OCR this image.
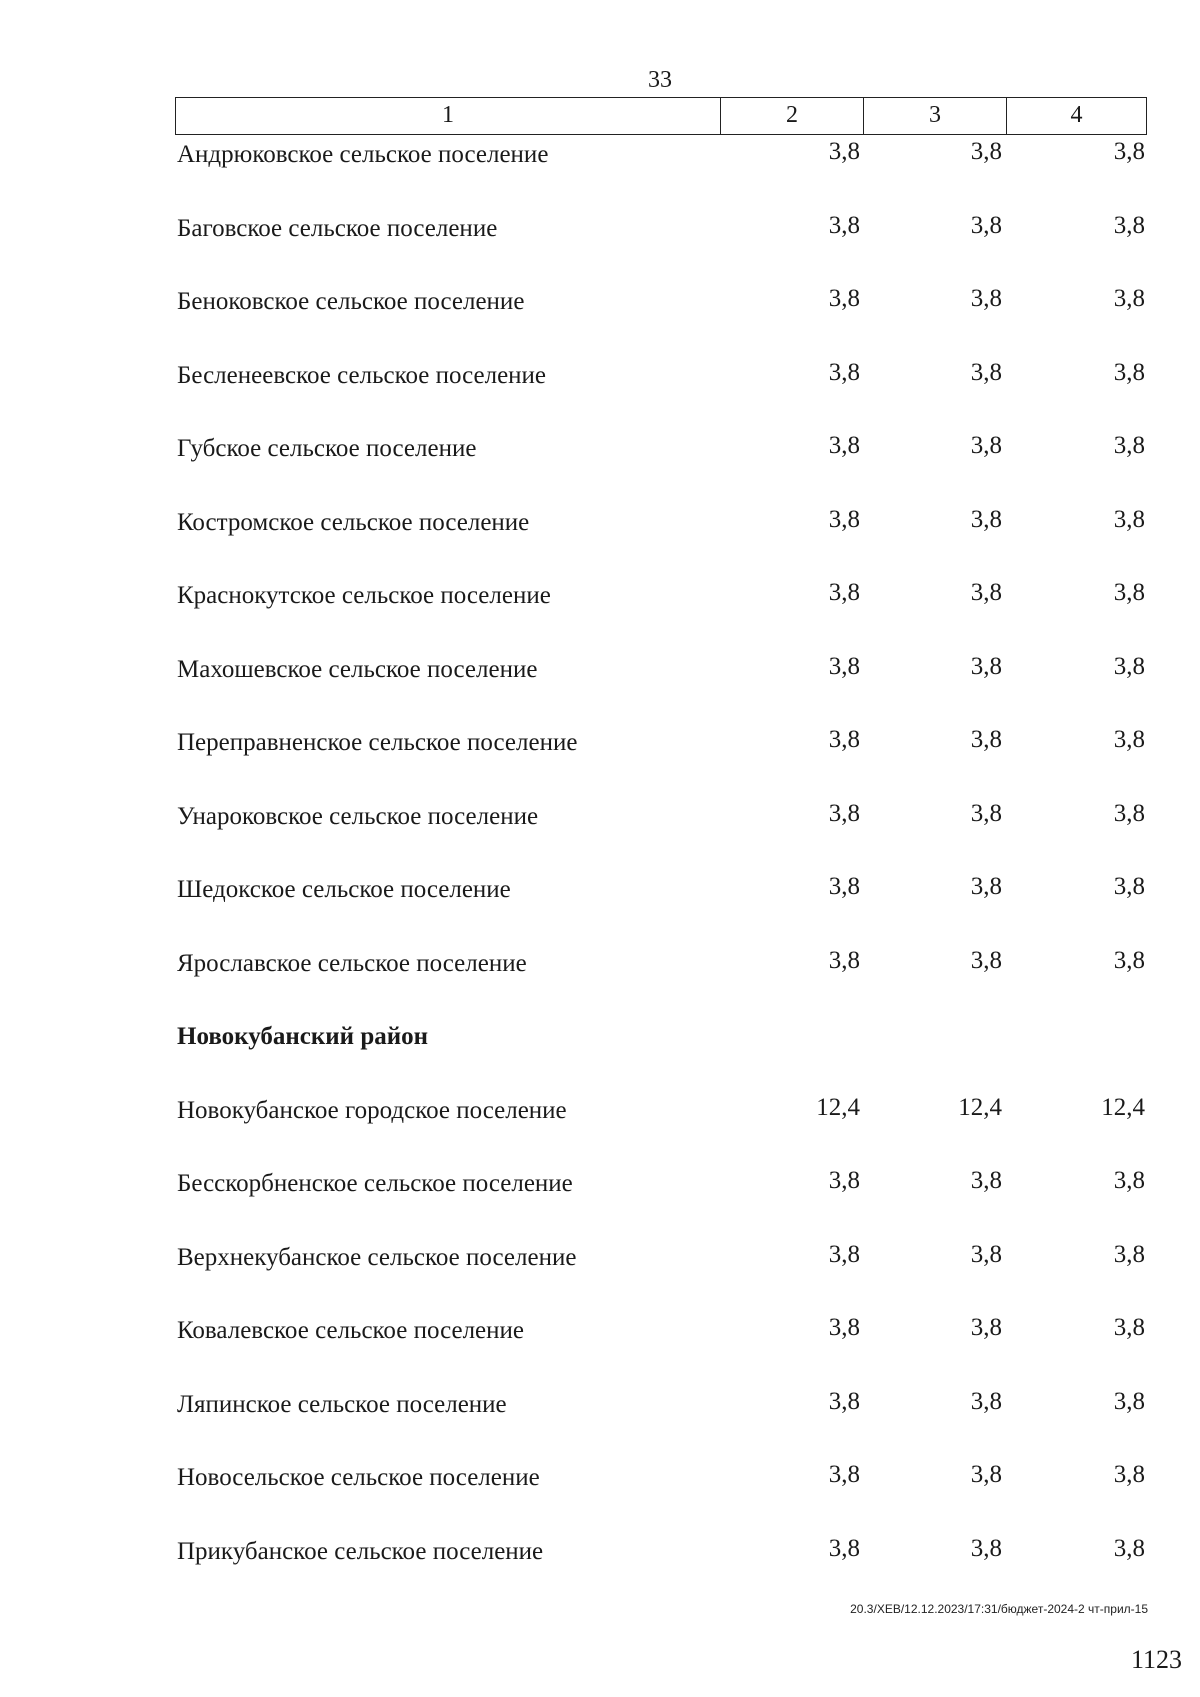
33
1	2	3	4
Андрюковское сельское поселение	3,8	3,8	3,8
Баговское сельское поселение	3,8	3,8	3,8
Беноковское сельское поселение	3,8	3,8	3,8
Бесленеевское сельское поселение	3,8	3,8	3,8
Губское сельское поселение	3,8	3,8	3,8
Костромское сельское поселение	3,8	3,8	3,8
Краснокутское сельское поселение	3,8	3,8	3,8
Махошевское сельское поселение	3,8	3,8	3,8
Переправненское сельское поселение	3,8	3,8	3,8
Унароковское сельское поселение	3,8	3,8	3,8
Шедокское сельское поселение	3,8	3,8	3,8
Ярославское сельское поселение	3,8	3,8	3,8
Новокубанский район
Новокубанское городское поселение	12,4	12,4	12,4
Бесскорбненское сельское поселение	3,8	3,8	3,8
Верхнекубанское сельское поселение	3,8	3,8	3,8
Ковалевское сельское поселение	3,8	3,8	3,8
Ляпинское сельское поселение	3,8	3,8	3,8
Новосельское сельское поселение	3,8	3,8	3,8
Прикубанское сельское поселение	3,8	3,8	3,8
20.3/ХЕВ/12.12.2023/17:31/бюджет-2024-2 чт-прил-15
1123
